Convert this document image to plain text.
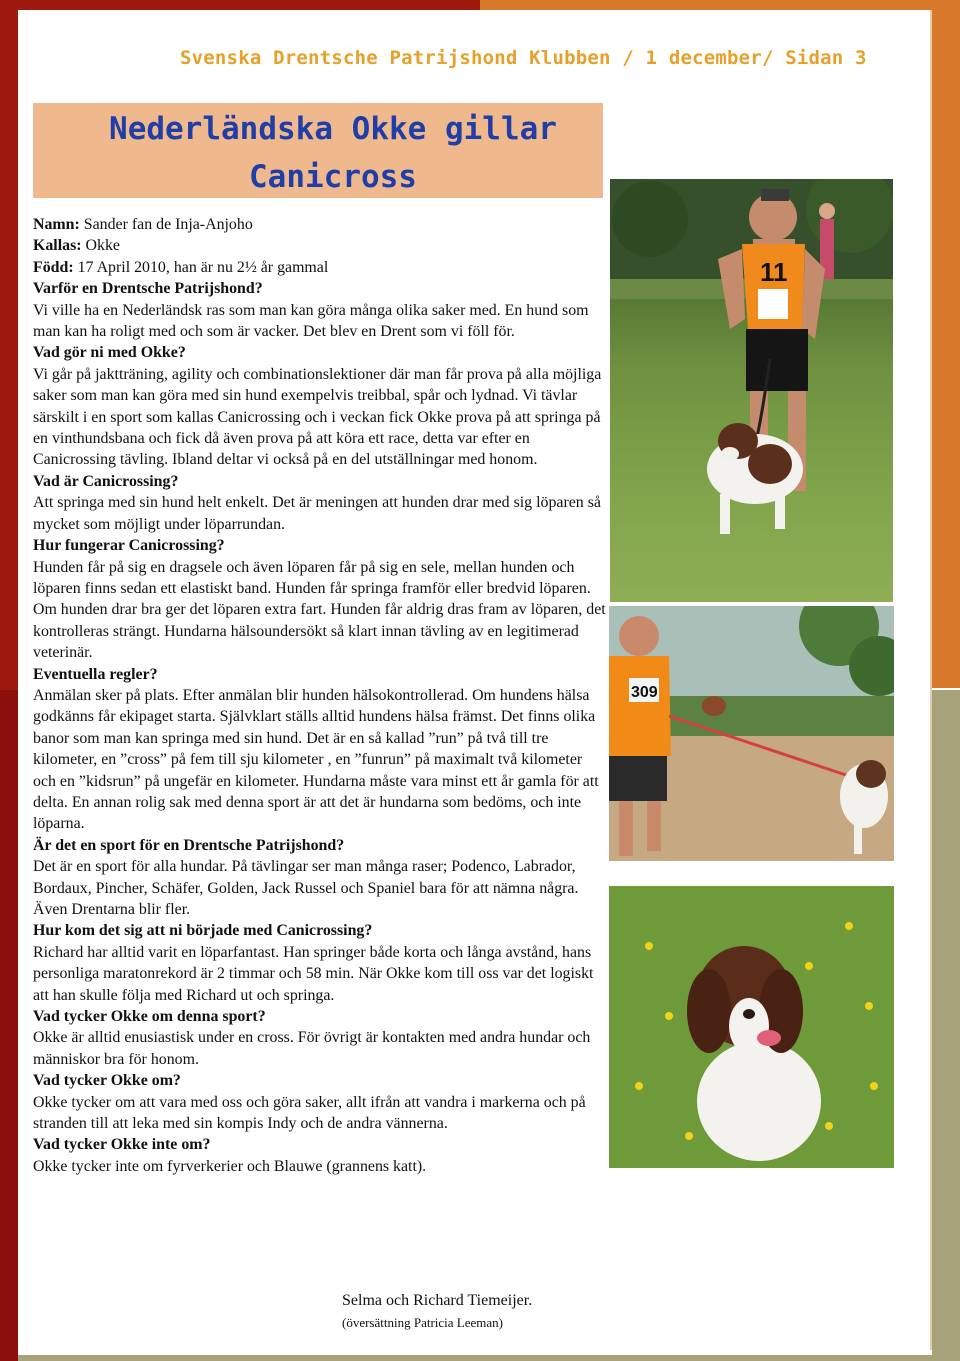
Svenska Drentsche Patrijshond Klubben / 1 december/ Sidan 3
Nederländska Okke gillar
Canicross
11
309
Namn: Sander fan de Inja-Anjoho
Kallas: Okke
Född: 17 April 2010, han är nu 2½ år gammal
Varför en Drentsche Patrijshond?
Vi ville ha en Nederländsk ras som man kan göra många olika saker med. En hund som man kan ha roligt med och som är vacker. Det blev en Drent som vi föll för.
Vad gör ni med Okke?
Vi går på jaktträning, agility och combinationslektioner där man får prova på alla möjliga saker som man kan göra med sin hund exempelvis treibbal, spår och lydnad. Vi tävlar särskilt i en sport som kallas Canicrossing och i veckan fick Okke prova på att springa på en vinthundsbana och fick då även prova på att köra ett race, detta var efter en Canicrossing tävling. Ibland deltar vi också på en del utställningar med honom.
Vad är Canicrossing?
Att springa med sin hund helt enkelt. Det är meningen att hunden drar med sig löparen så mycket som möjligt under löparrundan.
Hur fungerar Canicrossing?
Hunden får på sig en dragsele och även löparen får på sig en sele, mellan hunden och löparen finns sedan ett elastiskt band. Hunden får springa framför eller bredvid löparen. Om hunden drar bra ger det löparen extra fart. Hunden får aldrig dras fram av löparen, det kontrolleras strängt. Hundarna hälsoundersökt så klart innan tävling av en legitimerad veterinär.
Eventuella regler?
Anmälan sker på plats. Efter anmälan blir hunden hälsokontrollerad. Om hundens hälsa godkänns får ekipaget starta. Självklart ställs alltid hundens hälsa främst. Det finns olika banor som man kan springa med sin hund. Det är en så kallad ”run” på två till tre kilometer, en ”cross” på fem till sju kilometer , en ”funrun” på maximalt två kilometer och en ”kidsrun” på ungefär en kilometer. Hundarna måste vara minst ett år gamla för att delta. En annan rolig sak med denna sport är att det är hundarna som bedöms, och inte löparna.
Är det en sport för en Drentsche Patrijshond?
Det är en sport för alla hundar. På tävlingar ser man många raser; Podenco, Labrador, Bordaux, Pincher, Schäfer, Golden, Jack Russel och Spaniel bara för att nämna några. Även Drentarna blir fler.
Hur kom det sig att ni började med Canicrossing?
Richard har alltid varit en löparfantast. Han springer både korta och långa avstånd, hans personliga maratonrekord är 2 timmar och 58 min. När Okke kom till oss var det logiskt att han skulle följa med Richard ut och springa.
Vad tycker Okke om denna sport?
Okke är alltid enusiastisk under en cross. För övrigt är kontakten med andra hundar och människor bra för honom.
Vad tycker Okke om?
Okke tycker om att vara med oss och göra saker, allt ifrån att vandra i markerna och på stranden till att leka med sin kompis Indy och de andra vännerna.
Vad tycker Okke inte om?
Okke tycker inte om fyrverkerier och Blauwe (grannens katt).
Selma och Richard Tiemeijer.
(översättning Patricia Leeman)
